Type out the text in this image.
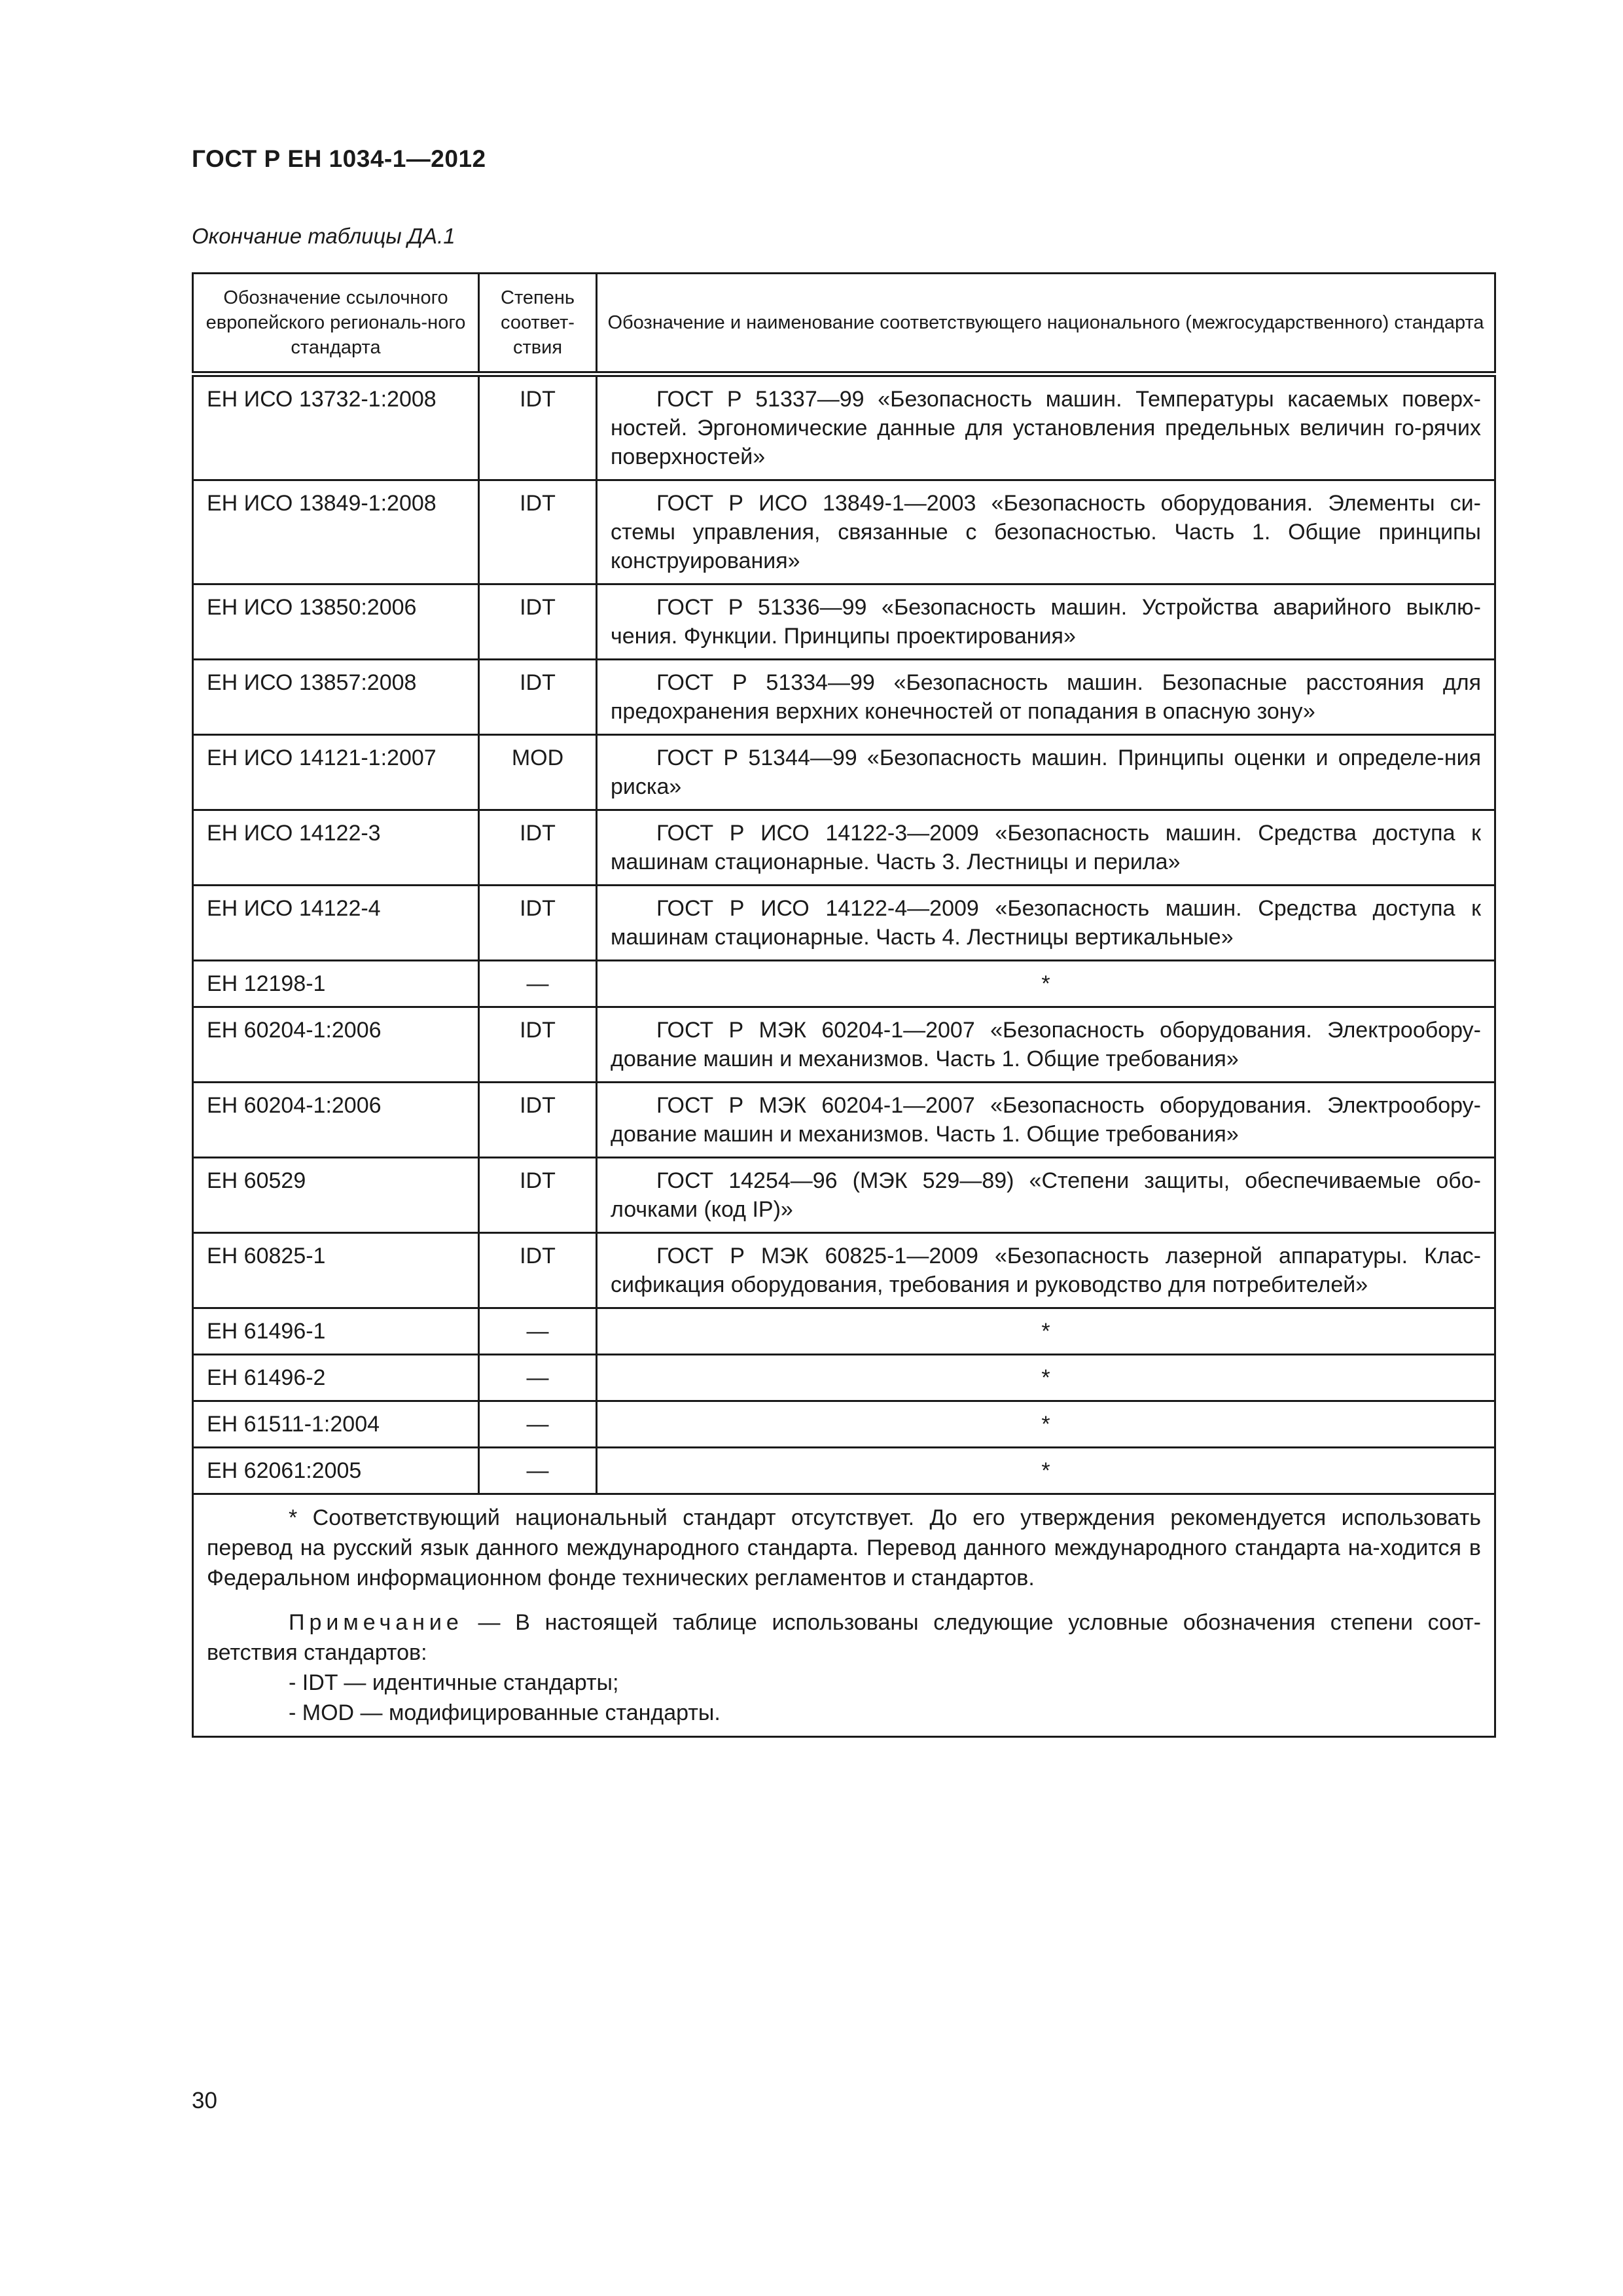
ГОСТ Р ЕН 1034-1—2012
Окончание таблицы ДА.1
Обозначение ссылочного европейского региональ-ного стандарта	Степень соответ-ствия	Обозначение и наименование соответствующего национального (межгосударственного) стандарта
ЕН ИСО 13732-1:2008	IDT	ГОСТ Р 51337—99 «Безопасность машин. Температуры касаемых поверх-ностей. Эргономические данные для установления предельных величин го-рячих поверхностей»
ЕН ИСО 13849-1:2008	IDT	ГОСТ Р ИСО 13849-1—2003 «Безопасность оборудования. Элементы си-стемы управления, связанные с безопасностью. Часть 1. Общие принципы конструирования»
ЕН ИСО 13850:2006	IDT	ГОСТ Р 51336—99 «Безопасность машин. Устройства аварийного выклю-чения. Функции. Принципы проектирования»
ЕН ИСО 13857:2008	IDT	ГОСТ Р 51334—99 «Безопасность машин. Безопасные расстояния для предохранения верхних конечностей от попадания в опасную зону»
ЕН ИСО 14121-1:2007	MOD	ГОСТ Р 51344—99 «Безопасность машин. Принципы оценки и определе-ния риска»
ЕН ИСО 14122-3	IDT	ГОСТ Р ИСО 14122-3—2009 «Безопасность машин. Средства доступа к машинам стационарные. Часть 3. Лестницы и перила»
ЕН ИСО 14122-4	IDT	ГОСТ Р ИСО 14122-4—2009 «Безопасность машин. Средства доступа к машинам стационарные. Часть 4. Лестницы вертикальные»
ЕН 12198-1	—	*
ЕН 60204-1:2006	IDT	ГОСТ Р МЭК 60204-1—2007 «Безопасность оборудования. Электрообору-дование машин и механизмов. Часть 1. Общие требования»
ЕН 60204-1:2006	IDT	ГОСТ Р МЭК 60204-1—2007 «Безопасность оборудования. Электрообору-дование машин и механизмов. Часть 1. Общие требования»
ЕН 60529	IDT	ГОСТ 14254—96 (МЭК 529—89) «Степени защиты, обеспечиваемые обо-лочками (код IP)»
ЕН 60825-1	IDT	ГОСТ Р МЭК 60825-1—2009 «Безопасность лазерной аппаратуры. Клас-сификация оборудования, требования и руководство для потребителей»
ЕН 61496-1	—	*
ЕН 61496-2	—	*
ЕН 61511-1:2004	—	*
ЕН 62061:2005	—	*

* Соответствующий национальный стандарт отсутствует. До его утверждения рекомендуется использовать перевод на русский язык данного международного стандарта. Перевод данного международного стандарта на-ходится в Федеральном информационном фонде технических регламентов и стандартов.

Примечание — В настоящей таблице использованы следующие условные обозначения степени соот-ветствия стандартов:

- IDT — идентичные стандарты;

- MOD — модифицированные стандарты.		

30
